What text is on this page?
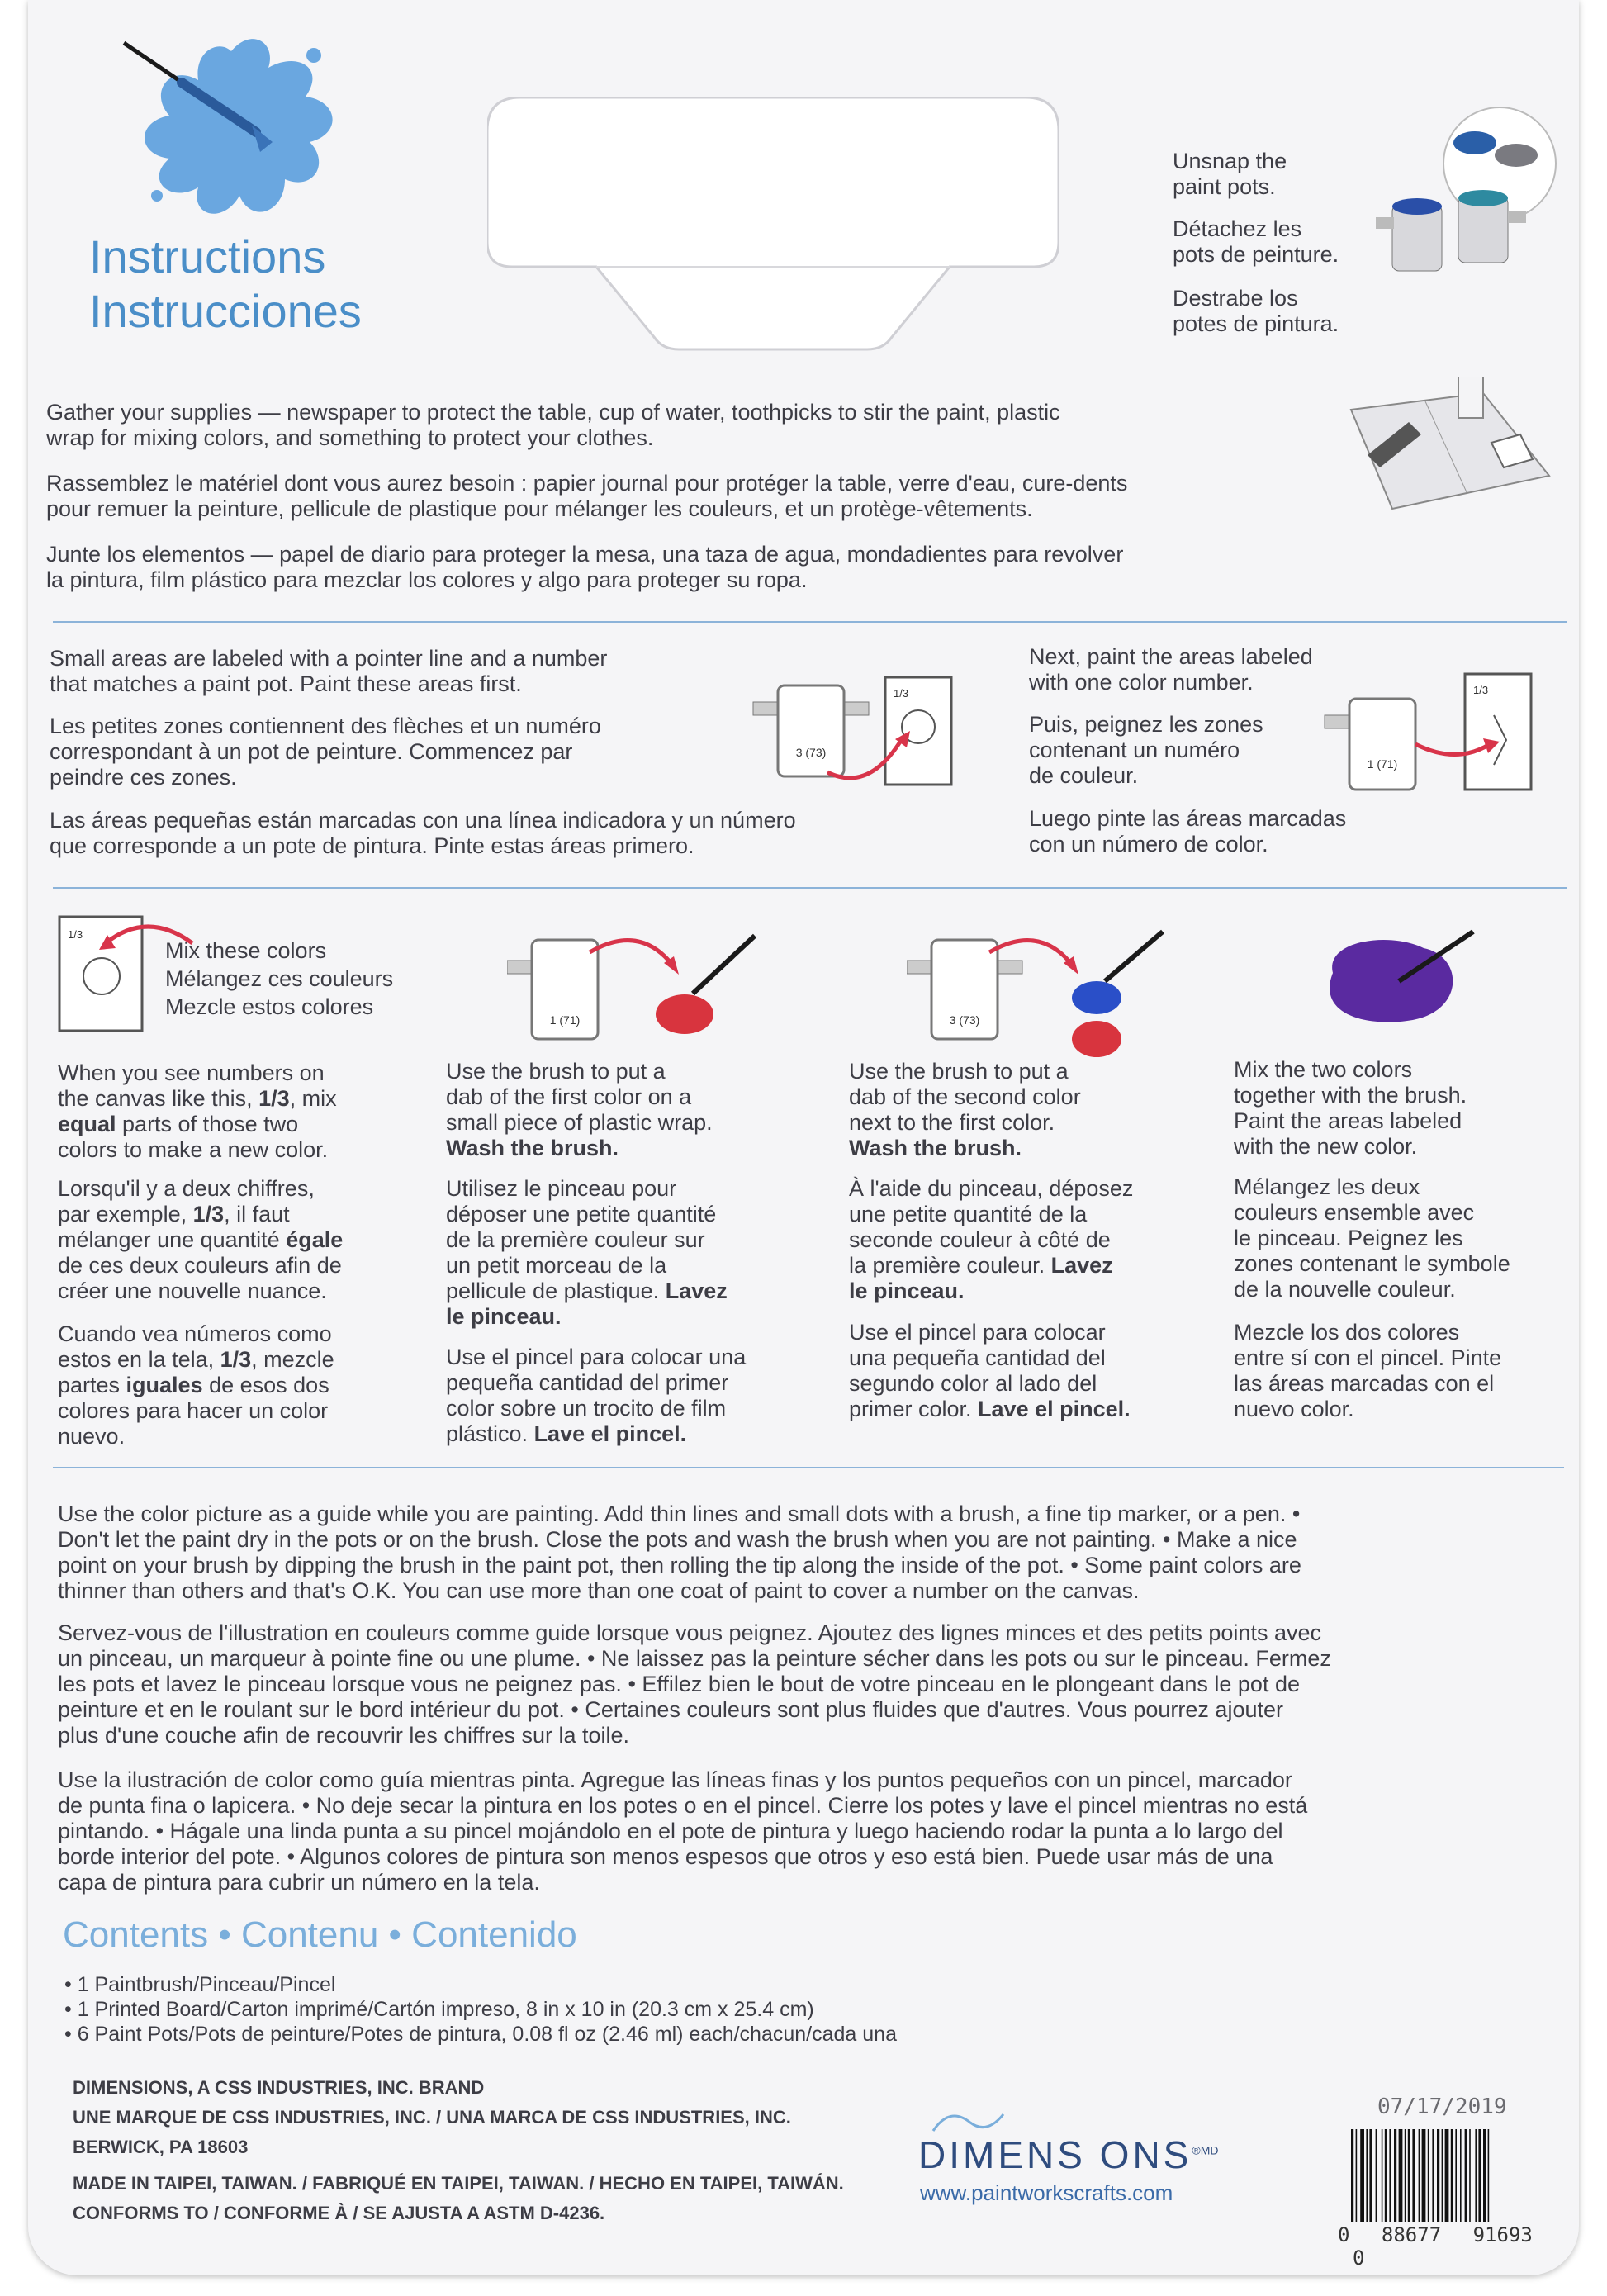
Instructions
Instrucciones

Unsnap the
paint pots.

Détachez les
pots de peinture.

Destrabe los
potes de pintura.

Gather your supplies — newspaper to protect the table, cup of water, toothpicks to stir the paint, plastic
wrap for mixing colors, and something to protect your clothes.

Rassemblez le matériel dont vous aurez besoin : papier journal pour protéger la table, verre d'eau, cure-dents
pour remuer la peinture, pellicule de plastique pour mélanger les couleurs, et un protège-vêtements.

Junte los elementos — papel de diario para proteger la mesa, una taza de agua, mondadientes para revolver
la pintura, film plástico para mezclar los colores y algo para proteger su ropa.

Small areas are labeled with a pointer line and a number
that matches a paint pot. Paint these areas first.

Les petites zones contiennent des flèches et un numéro
correspondant à un pot de peinture. Commencez par
peindre ces zones.

Las áreas pequeñas están marcadas con una línea indicadora y un número
que corresponde a un pote de pintura. Pinte estas áreas primero.

3 (73)
1/3

Next, paint the areas labeled
with one color number.

Puis, peignez les zones
contenant un numéro
de couleur.

Luego pinte las áreas marcadas
con un número de color.

1 (71)
1/3
1/3

Mix these colors

Mélangez ces couleurs

Mezcle estos colores

1 (71)	3 (73)

When you see numbers on
the canvas like this, 1/3, mix
equal parts of those two
colors to make a new color.

Lorsqu'il y a deux chiffres,
par exemple, 1/3, il faut
mélanger une quantité égale
de ces deux couleurs afin de
créer une nouvelle nuance.

Cuando vea números como
estos en la tela, 1/3, mezcle
partes iguales de esos dos
colores para hacer un color
nuevo.

Use the brush to put a
dab of the first color on a
small piece of plastic wrap.
Wash the brush.

Utilisez le pinceau pour
déposer une petite quantité
de la première couleur sur
un petit morceau de la
pellicule de plastique. Lavez
le pinceau.

Use el pincel para colocar una
pequeña cantidad del primer
color sobre un trocito de film
plástico. Lave el pincel.

Use the brush to put a
dab of the second color
next to the first color.
Wash the brush.

À l'aide du pinceau, déposez
une petite quantité de la
seconde couleur à côté de
la première couleur. Lavez
le pinceau.

Use el pincel para colocar
una pequeña cantidad del
segundo color al lado del
primer color. Lave el pincel.

Mix the two colors
together with the brush.
Paint the areas labeled
with the new color.

Mélangez les deux
couleurs ensemble avec
le pinceau. Peignez les
zones contenant le symbole
de la nouvelle couleur.

Mezcle los dos colores
entre sí con el pincel. Pinte
las áreas marcadas con el
nuevo color.

Use the color picture as a guide while you are painting. Add thin lines and small dots with a brush, a fine tip marker, or a pen. •
Don't let the paint dry in the pots or on the brush. Close the pots and wash the brush when you are not painting. • Make a nice
point on your brush by dipping the brush in the paint pot, then rolling the tip along the inside of the pot. • Some paint colors are
thinner than others and that's O.K. You can use more than one coat of paint to cover a number on the canvas.

Servez-vous de l'illustration en couleurs comme guide lorsque vous peignez. Ajoutez des lignes minces et des petits points avec
un pinceau, un marqueur à pointe fine ou une plume. • Ne laissez pas la peinture sécher dans les pots ou sur le pinceau. Fermez
les pots et lavez le pinceau lorsque vous ne peignez pas. • Effilez bien le bout de votre pinceau en le plongeant dans le pot de
peinture et en le roulant sur le bord intérieur du pot. • Certaines couleurs sont plus fluides que d'autres. Vous pourrez ajouter
plus d'une couche afin de recouvrir les chiffres sur la toile.

Use la ilustración de color como guía mientras pinta. Agregue las líneas finas y los puntos pequeños con un pincel, marcador
de punta fina o lapicera. • No deje secar la pintura en los potes o en el pincel. Cierre los potes y lave el pincel mientras no está
pintando. • Hágale una linda punta a su pincel mojándolo en el pote de pintura y luego haciendo rodar la punta a lo largo del
borde interior del pote. • Algunos colores de pintura son menos espesos que otros y eso está bien. Puede usar más de una
capa de pintura para cubrir un número en la tela.

Contents • Contenu • Contenido
• 1 Paintbrush/Pinceau/Pincel
• 1 Printed Board/Carton imprimé/Cartón impreso, 8 in x 10 in (20.3 cm x 25.4 cm)
• 6 Paint Pots/Pots de peinture/Potes de pintura, 0.08 fl oz (2.46 ml) each/chacun/cada una
DIMENSIONS, A CSS INDUSTRIES, INC. BRAND
UNE MARQUE DE CSS INDUSTRIES, INC. / UNA MARCA DE CSS INDUSTRIES, INC.
BERWICK, PA 18603
MADE IN TAIPEI, TAIWAN. / FABRIQUÉ EN TAIPEI, TAIWAN. / HECHO EN TAIPEI, TAIWÁN.
CONFORMS TO / CONFORME À / SE AJUSTA A ASTM D-4236.
07/17/2019
DIMENS $ONS^{®MD}$
www.paintworkscrafts.com
0 88677 91693 0
